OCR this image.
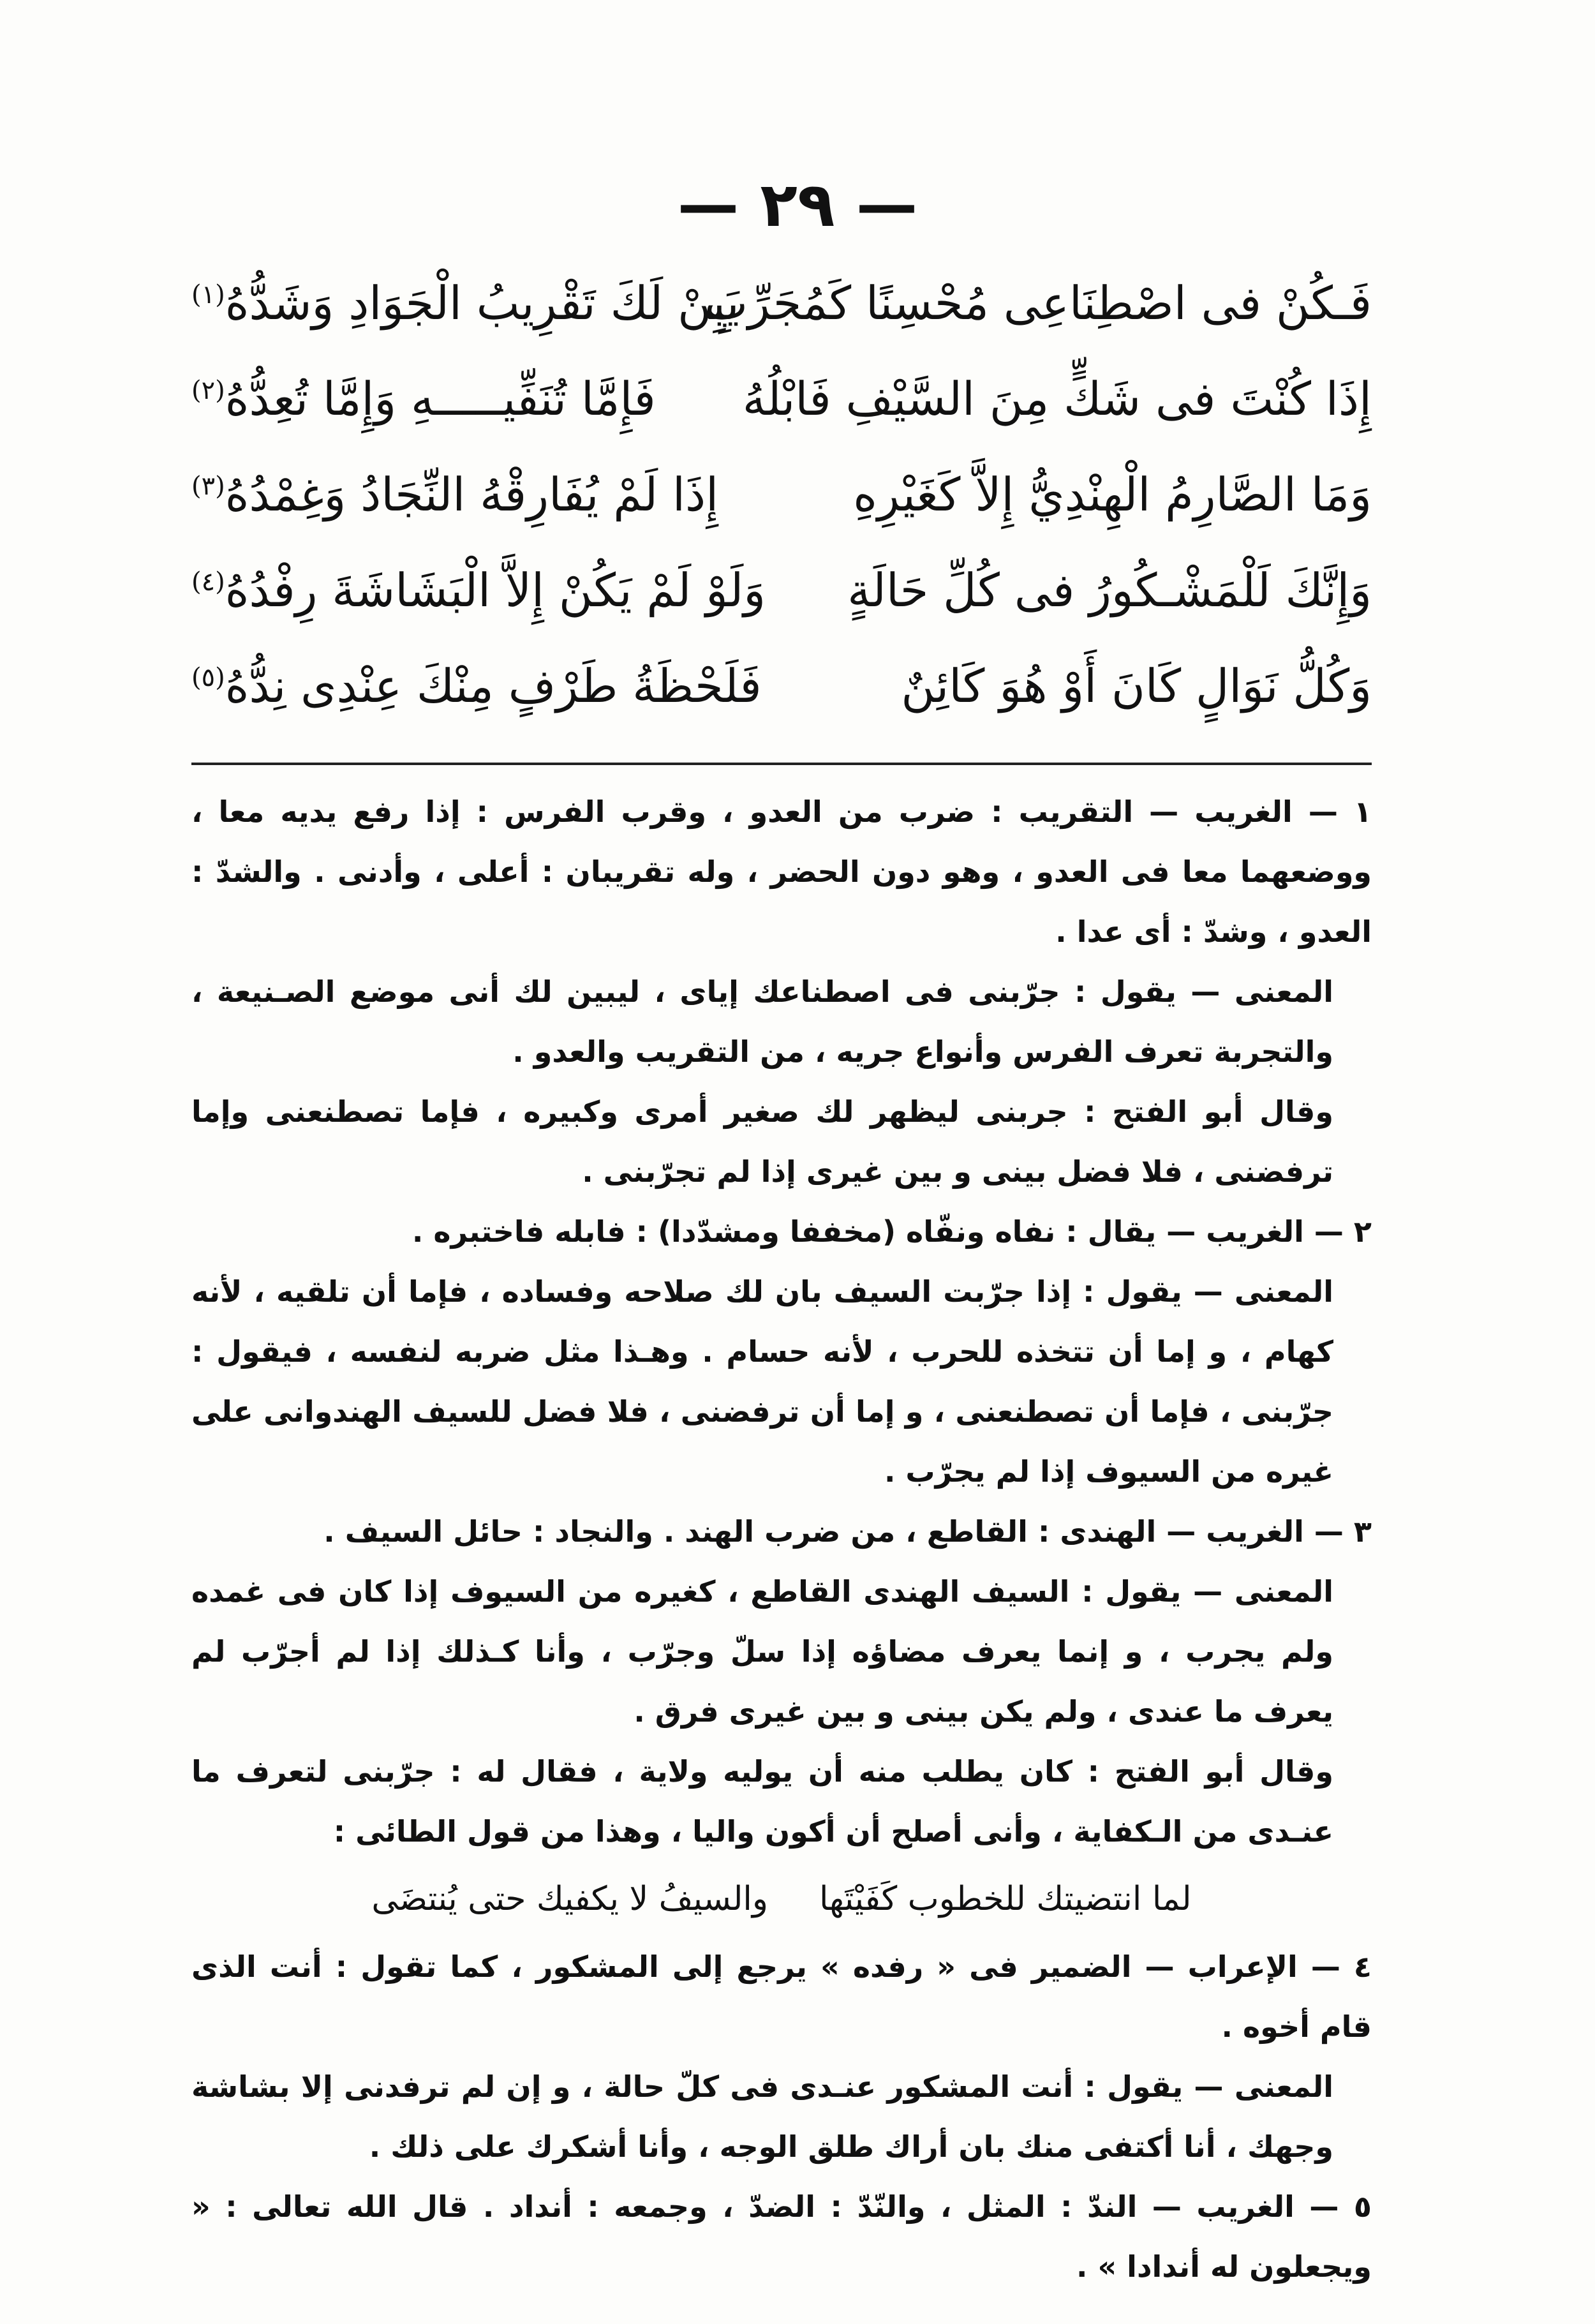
— ٢٩ —
فَـكُنْ فى اصْطِنَاعِى مُحْسِنًا كَمُجَرِّبِ
يَبِنْ لَكَ تَقْرِيبُ الْجَوَادِ وَشَدُّهُ$^{(١)}$
إِذَا كُنْتَ فى شَكٍّ مِنَ السَّيْفِ فَابْلُهُ
فَإِمَّا تُنَفِّيـــــهِ وَإِمَّا تُعِدُّهُ$^{(٢)}$
وَمَا الصَّارِمُ الْهِنْدِيُّ إِلاَّ كَغَيْرِهِ
إِذَا لَمْ يُفَارِقْهُ النِّجَادُ وَغِمْدُهُ$^{(٣)}$
وَإِنَّكَ لَلْمَشْـكُورُ فى كُلِّ حَالَةٍ
وَلَوْ لَمْ يَكُنْ إِلاَّ الْبَشَاشَةَ رِفْدُهُ$^{(٤)}$
وَكُلُّ نَوَالٍ كَانَ أَوْ هُوَ كَائِنٌ
فَلَحْظَةُ طَرْفٍ مِنْكَ عِنْدِى نِدُّهُ$^{(٥)}$

١ — الغريب — التقريب : ضرب من العدو ، وقرب الفرس : إذا رفع يديه معا ، ووضعهما معا فى العدو ، وهو دون الحضر ، وله تقريبان : أعلى ، وأدنى . والشدّ : العدو ، وشدّ : أى عدا .

المعنى — يقول : جرّبنى فى اصطناعك إياى ، ليبين لك أنى موضع الصـنيعة ، والتجربة تعرف الفرس وأنواع جريه ، من التقريب والعدو .

وقال أبو الفتح : جربنى ليظهر لك صغير أمرى وكبيره ، فإما تصطنعنى وإما ترفضنى ، فلا فضل بينى و بين غيرى إذا لم تجرّبنى .

٢ — الغريب — يقال : نفاه ونفّاه (مخففا ومشدّدا) : فابله فاختبره .

المعنى — يقول : إذا جرّبت السيف بان لك صلاحه وفساده ، فإما أن تلقيه ، لأنه كهام ، و إما أن تتخذه للحرب ، لأنه حسام . وهـذا مثل ضربه لنفسه ، فيقول : جرّبنى ، فإما أن تصطنعنى ، و إما أن ترفضنى ، فلا فضل للسيف الهندوانى على غيره من السيوف إذا لم يجرّب .

٣ — الغريب — الهندى : القاطع ، من ضرب الهند . والنجاد : حائل السيف .

المعنى — يقول : السيف الهندى القاطع ، كغيره من السيوف إذا كان فى غمده ولم يجرب ، و إنما يعرف مضاؤه إذا سلّ وجرّب ، وأنا كـذلك إذا لم أجرّب لم يعرف ما عندى ، ولم يكن بينى و بين غيرى فرق .

وقال أبو الفتح : كان يطلب منه أن يوليه ولاية ، فقال له : جرّبنى لتعرف ما عنـدى من الـكفاية ، وأنى أصلح أن أكون واليا ، وهذا من قول الطائى :

لما انتضيتك للخطوب كَفَيْتَهاوالسيفُ لا يكفيك حتى يُنتضَى

٤ — الإعراب — الضمير فى « رفده » يرجع إلى المشكور ، كما تقول : أنت الذى قام أخوه .

المعنى — يقول : أنت المشكور عنـدى فى كلّ حالة ، و إن لم ترفدنى إلا بشاشة وجهك ، أنا أكتفى منك بان أراك طلق الوجه ، وأنا أشكرك على ذلك .

٥ — الغريب — الندّ : المثل ، والنّدّ : الضدّ ، وجمعه : أنداد . قال الله تعالى : « ويجعلون له أندادا » .
